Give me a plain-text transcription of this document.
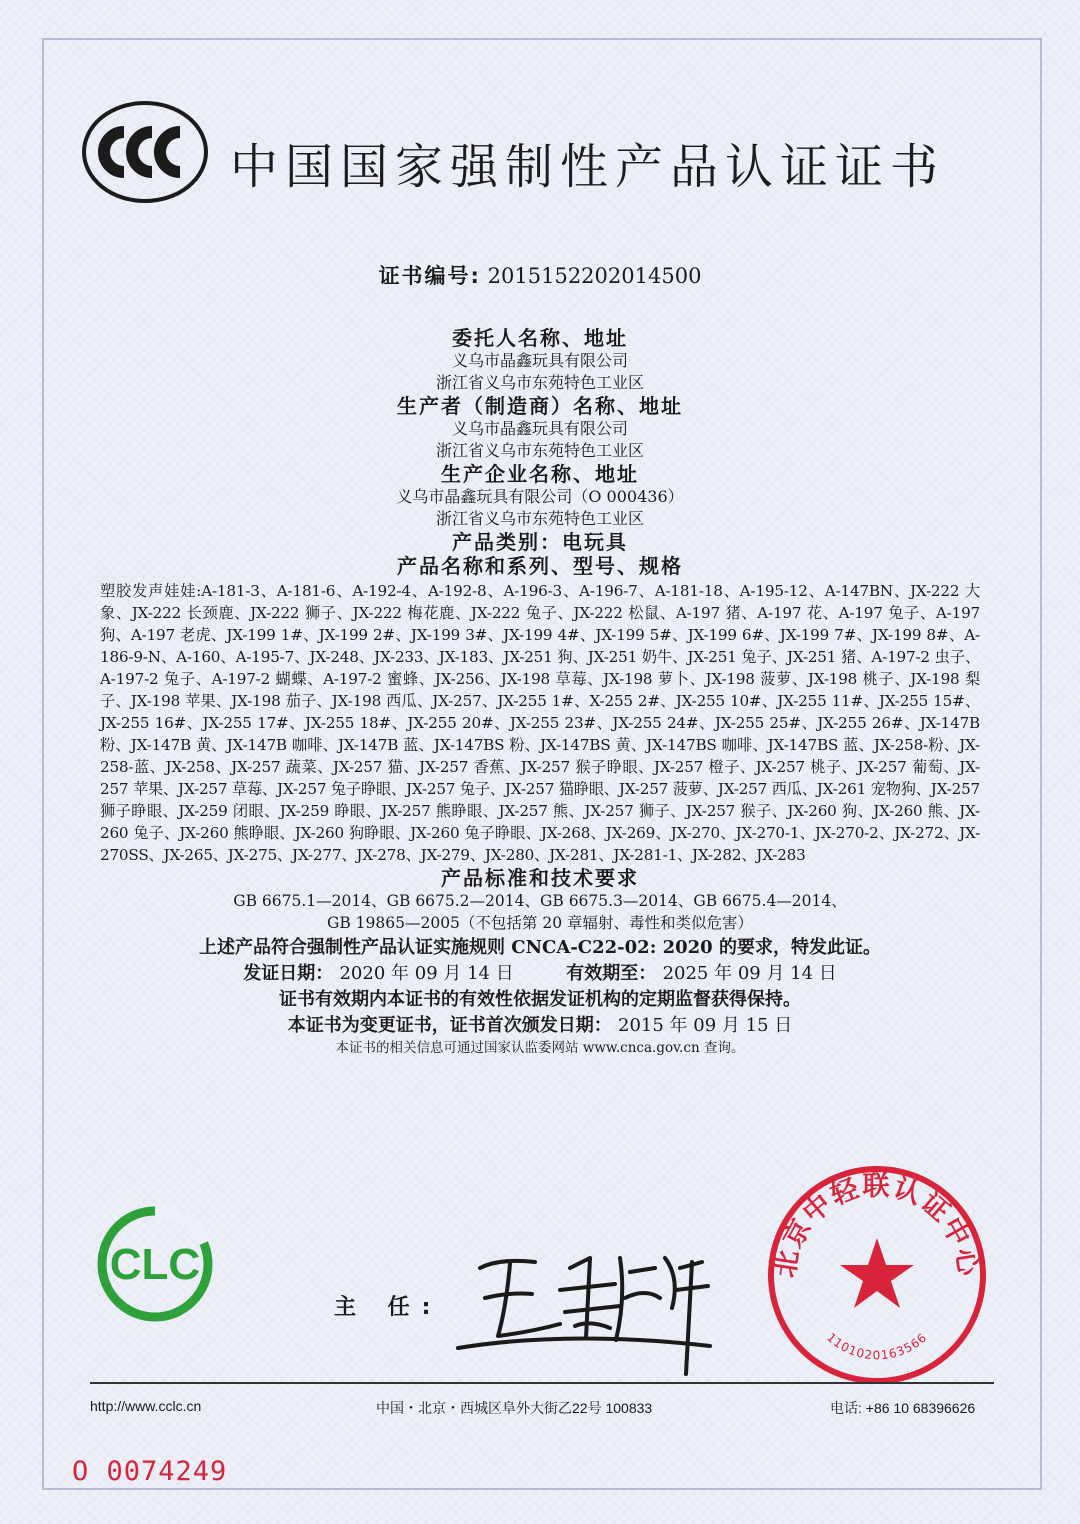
中国国家强制性产品认证证书
证书编号: 2015152202014500
委托人名称、地址
义乌市晶鑫玩具有限公司
浙江省义乌市东苑特色工业区
生产者（制造商）名称、地址
义乌市晶鑫玩具有限公司
浙江省义乌市东苑特色工业区
生产企业名称、地址
义乌市晶鑫玩具有限公司（O 000436）
浙江省义乌市东苑特色工业区
产品类别：电玩具
产品名称和系列、型号、规格
塑胶发声娃娃:A-181-3、A-181-6、A-192-4、A-192-8、A-196-3、A-196-7、A-181-18、A-195-12、A-147BN、JX-222 大象、JX-222 长颈鹿、JX-222 狮子、JX-222 梅花鹿、JX-222 兔子、JX-222 松鼠、A-197 猪、A-197 花、A-197 兔子、A-197 狗、A-197 老虎、JX-199 1#、JX-199 2#、JX-199 3#、JX-199 4#、JX-199 5#、JX-199 6#、JX-199 7#、JX-199 8#、A-186-9-N、A-160、A-195-7、JX-248、JX-233、JX-183、JX-251 狗、JX-251 奶牛、JX-251 兔子、JX-251 猪、A-197-2 虫子、A-197-2 兔子、A-197-2 蝴蝶、A-197-2 蜜蜂、JX-256、JX-198 草莓、JX-198 萝卜、JX-198 菠萝、JX-198 桃子、JX-198 梨子、JX-198 苹果、JX-198 茄子、JX-198 西瓜、JX-257、JX-255 1#、X-255 2#、JX-255 10#、JX-255 11#、JX-255 15#、JX-255 16#、JX-255 17#、JX-255 18#、JX-255 20#、JX-255 23#、JX-255 24#、JX-255 25#、JX-255 26#、JX-147B 粉、JX-147B 黄、JX-147B 咖啡、JX-147B 蓝、JX-147BS 粉、JX-147BS 黄、JX-147BS 咖啡、JX-147BS 蓝、JX-258-粉、JX-258-蓝、JX-258、JX-257 蔬菜、JX-257 猫、JX-257 香蕉、JX-257 猴子睁眼、JX-257 橙子、JX-257 桃子、JX-257 葡萄、JX-257 苹果、JX-257 草莓、JX-257 兔子睁眼、JX-257 兔子、JX-257 猫睁眼、JX-257 菠萝、JX-257 西瓜、JX-261 宠物狗、JX-257 狮子睁眼、JX-259 闭眼、JX-259 睁眼、JX-257 熊睁眼、JX-257 熊、JX-257 狮子、JX-257 猴子、JX-260 狗、JX-260 熊、JX-260 兔子、JX-260 熊睁眼、JX-260 狗睁眼、JX-260 兔子睁眼、JX-268、JX-269、JX-270、JX-270-1、JX-270-2、JX-272、JX-270SS、JX-265、JX-275、JX-277、JX-278、JX-279、JX-280、JX-281、JX-281-1、JX-282、JX-283
产品标准和技术要求
GB 6675.1—2014、GB 6675.2—2014、GB 6675.3—2014、GB 6675.4—2014、
GB 19865—2005（不包括第 20 章辐射、毒性和类似危害）
上述产品符合强制性产品认证实施规则 CNCA-C22-02: 2020 的要求，特发此证。
发证日期： 2020 年 09 月 14 日	有效期至： 2025 年 09 月 14 日
证书有效期内本证书的有效性依据发证机构的定期监督获得保持。
本证书为变更证书，证书首次颁发日期： 2015 年 09 月 15 日
本证书的相关信息可通过国家认监委网站 www.cnca.gov.cn 查询。
CLC
主 任:
北京中轻联认证中心
1101020163566
http://www.cclc.cn	中国・北京・西城区阜外大街乙22号 100833	电话: +86 10 68396626
O 0074249
